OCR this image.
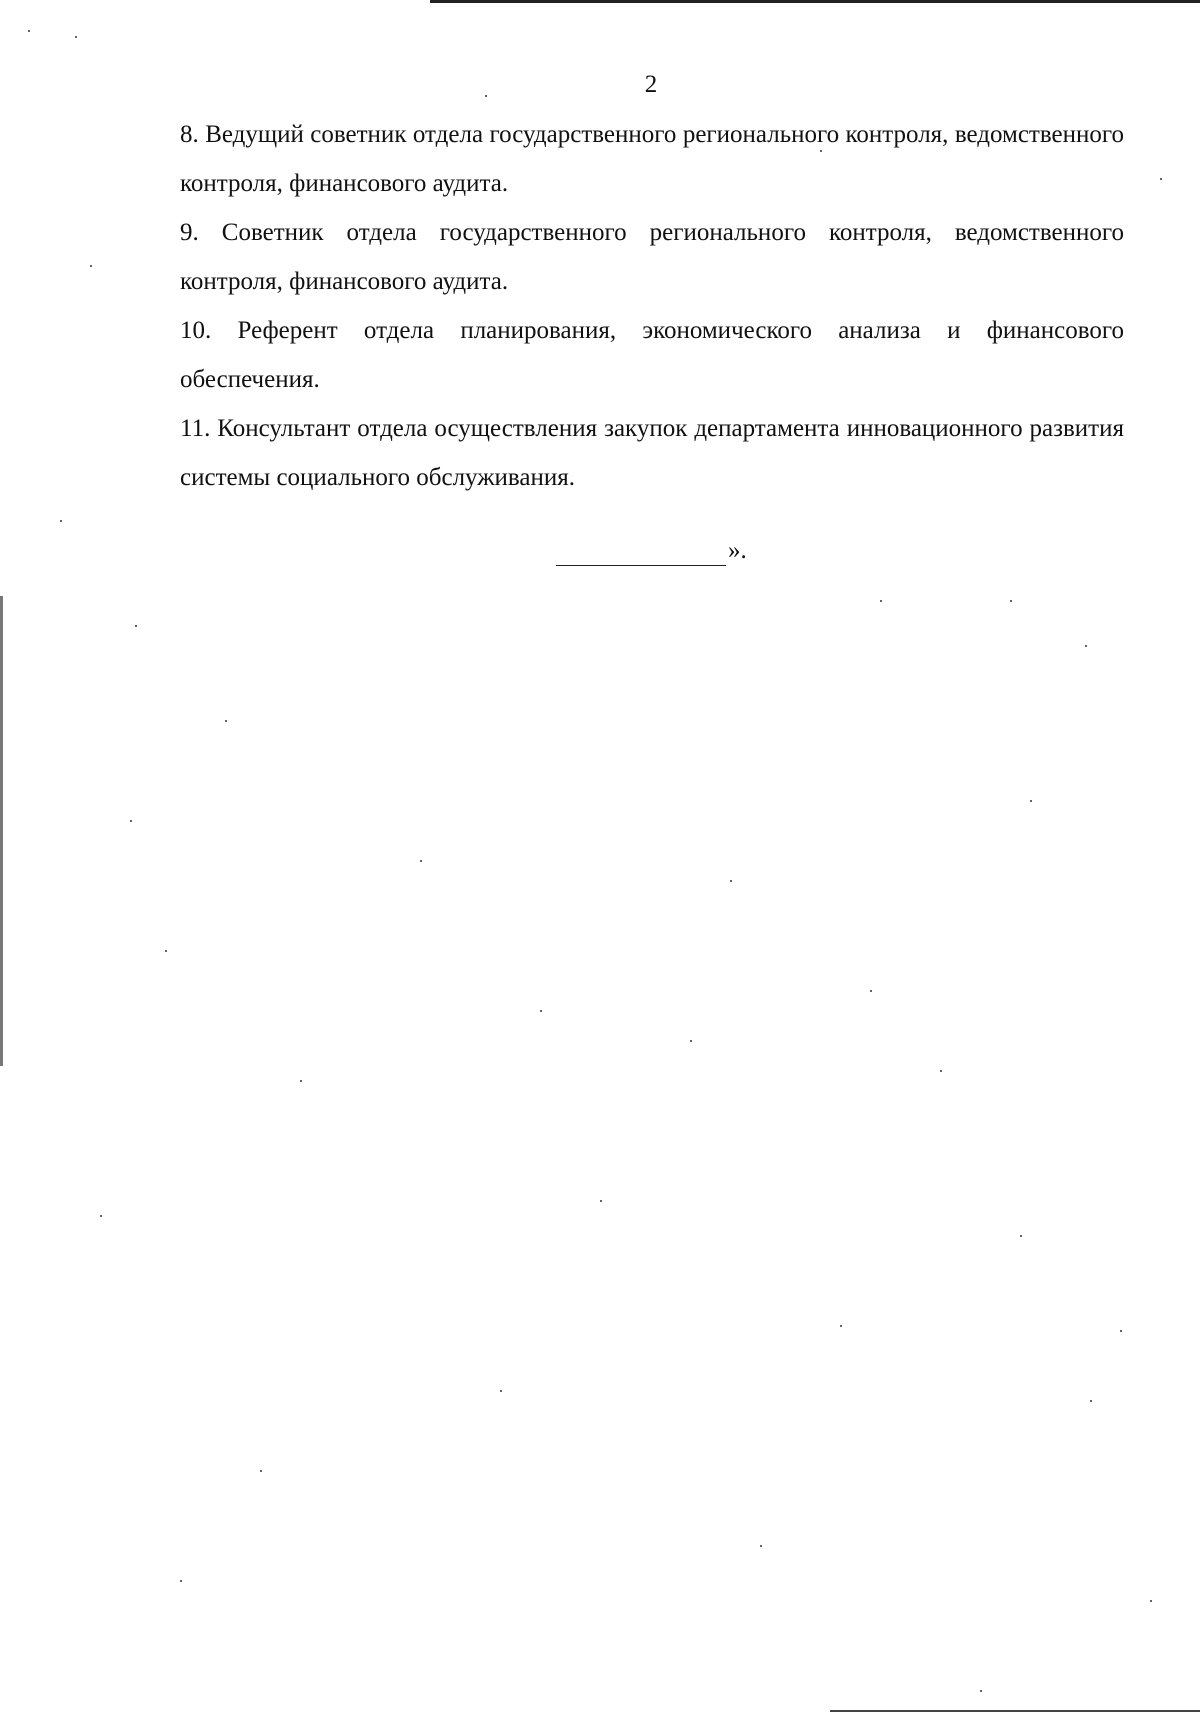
2

8. Ведущий советник отдела государственного регионального контроля, ведомственного контроля, финансового аудита.

9. Советник отдела государственного регионального контроля, ведомственного контроля, финансового аудита.

10. Референт отдела планирования, экономического анализа и финансового обеспечения.

11. Консультант отдела осуществления закупок департамента инновационного развития системы социального обслуживания.

».
